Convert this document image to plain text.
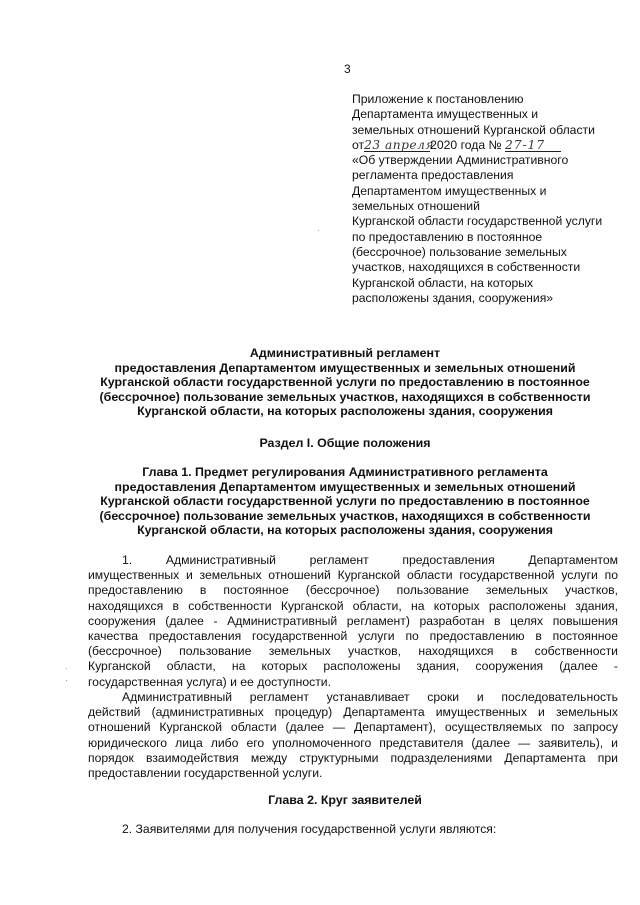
3
Приложение к постановлению
Департамента имущественных и
земельных отношений Курганской области
от23 апреля2020 года № 27-17
«Об утверждении Административного
регламента предоставления
Департаментом имущественных и
земельных отношений
Курганской области государственной услуги
по предоставлению в постоянное
(бессрочное) пользование земельных
участков, находящихся в собственности
Курганской области, на которых
расположены здания, сооружения»
Административный регламент
предоставления Департаментом имущественных и земельных отношений
Курганской области государственной услуги по предоставлению в постоянное
(бессрочное) пользование земельных участков, находящихся в собственности
Курганской области, на которых расположены здания, сооружения
Раздел I. Общие положения
Глава 1. Предмет регулирования Административного регламента
предоставления Департаментом имущественных и земельных отношений
Курганской области государственной услуги по предоставлению в постоянное
(бессрочное) пользование земельных участков, находящихся в собственности
Курганской области, на которых расположены здания, сооружения
1. Административный регламент предоставления Департаментом
имущественных и земельных отношений Курганской области государственной услуги по
предоставлению в постоянное (бессрочное) пользование земельных участков,
находящихся в собственности Курганской области, на которых расположены здания,
сооружения (далее - Административный регламент) разработан в целях повышения
качества предоставления государственной услуги по предоставлению в постоянное
(бессрочное) пользование земельных участков, находящихся в собственности
Курганской области, на которых расположены здания, сооружения (далее -
государственная услуга) и ее доступности.
Административный регламент устанавливает сроки и последовательность
действий (административных процедур) Департамента имущественных и земельных
отношений Курганской области (далее — Департамент), осуществляемых по запросу
юридического лица либо его уполномоченного представителя (далее — заявитель), и
порядок взаимодействия между структурными подразделениями Департамента при
предоставлении государственной услуги.
Глава 2. Круг заявителей
2. Заявителями для получения государственной услуги являются:
